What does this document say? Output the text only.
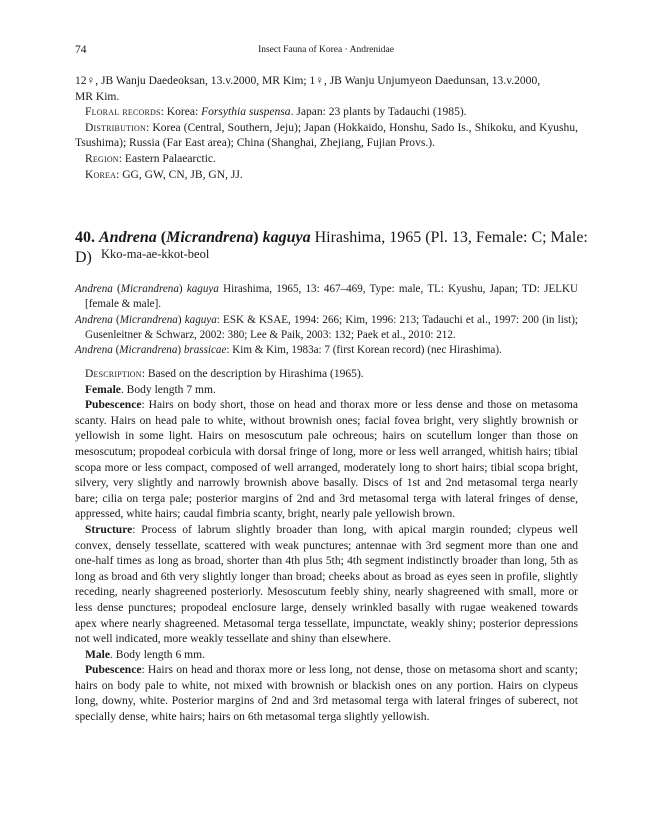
74	Insect Fauna of Korea · Andrenidae

12♀, JB Wanju Daedeoksan, 13.v.2000, MR Kim; 1♀, JB Wanju Unjumyeon Daedunsan, 13.v.2000,

MR Kim.

Floral records: Korea: Forsythia suspensa. Japan: 23 plants by Tadauchi (1985).

Distribution: Korea (Central, Southern, Jeju); Japan (Hokkaido, Honshu, Sado Is., Shikoku, and Kyushu, Tsushima); Russia (Far East area); China (Shanghai, Zhejiang, Fujian Provs.).

Region: Eastern Palaearctic.

Korea: GG, GW, CN, JB, GN, JJ.

40. Andrena (Micrandrena) kaguya Hirashima, 1965 (Pl. 13, Female: C; Male: D) Kko-ma-ae-kkot-beol

Andrena (Micrandrena) kaguya Hirashima, 1965, 13: 467–469, Type: male, TL: Kyushu, Japan; TD: JELKU [female & male].

Andrena (Micrandrena) kaguya: ESK & KSAE, 1994: 266; Kim, 1996: 213; Tadauchi et al., 1997: 200 (in list); Gusenleitner & Schwarz, 2002: 380; Lee & Paik, 2003: 132; Paek et al., 2010: 212.

Andrena (Micrandrena) brassicae: Kim & Kim, 1983a: 7 (first Korean record) (nec Hirashima).

Description: Based on the description by Hirashima (1965).

Female. Body length 7 mm.

Pubescence: Hairs on body short, those on head and thorax more or less dense and those on metasoma scanty. Hairs on head pale to white, without brownish ones; facial fovea bright, very slightly brownish or yellowish in some light. Hairs on mesoscutum pale ochreous; hairs on scutellum longer than those on mesoscutum; propodeal corbicula with dorsal fringe of long, more or less well arranged, whitish hairs; tibial scopa more or less compact, composed of well arranged, moderately long to short hairs; tibial scopa bright, silvery, very slightly and narrowly brownish above basally. Discs of 1st and 2nd metasomal terga nearly bare; cilia on terga pale; posterior margins of 2nd and 3rd metasomal terga with lateral fringes of dense, appressed, white hairs; caudal fimbria scanty, bright, nearly pale yellowish brown.

Structure: Process of labrum slightly broader than long, with apical margin rounded; clypeus well convex, densely tessellate, scattered with weak punctures; antennae with 3rd segment more than one and one-half times as long as broad, shorter than 4th plus 5th; 4th segment indistinctly broader than long, 5th as long as broad and 6th very slightly longer than broad; cheeks about as broad as eyes seen in profile, slightly receding, nearly shagreened posteriorly. Mesoscutum feebly shiny, nearly shagreened with small, more or less dense punctures; propodeal enclosure large, densely wrinkled basally with rugae weakened towards apex where nearly shagreened. Metasomal terga tessellate, impunctate, weakly shiny; posterior depressions not well indicated, more weakly tessellate and shiny than elsewhere.

Male. Body length 6 mm.

Pubescence: Hairs on head and thorax more or less long, not dense, those on metasoma short and scanty; hairs on body pale to white, not mixed with brownish or blackish ones on any portion. Hairs on clypeus long, downy, white. Posterior margins of 2nd and 3rd metasomal terga with lateral fringes of suberect, not specially dense, white hairs; hairs on 6th metasomal terga slightly yellowish.
